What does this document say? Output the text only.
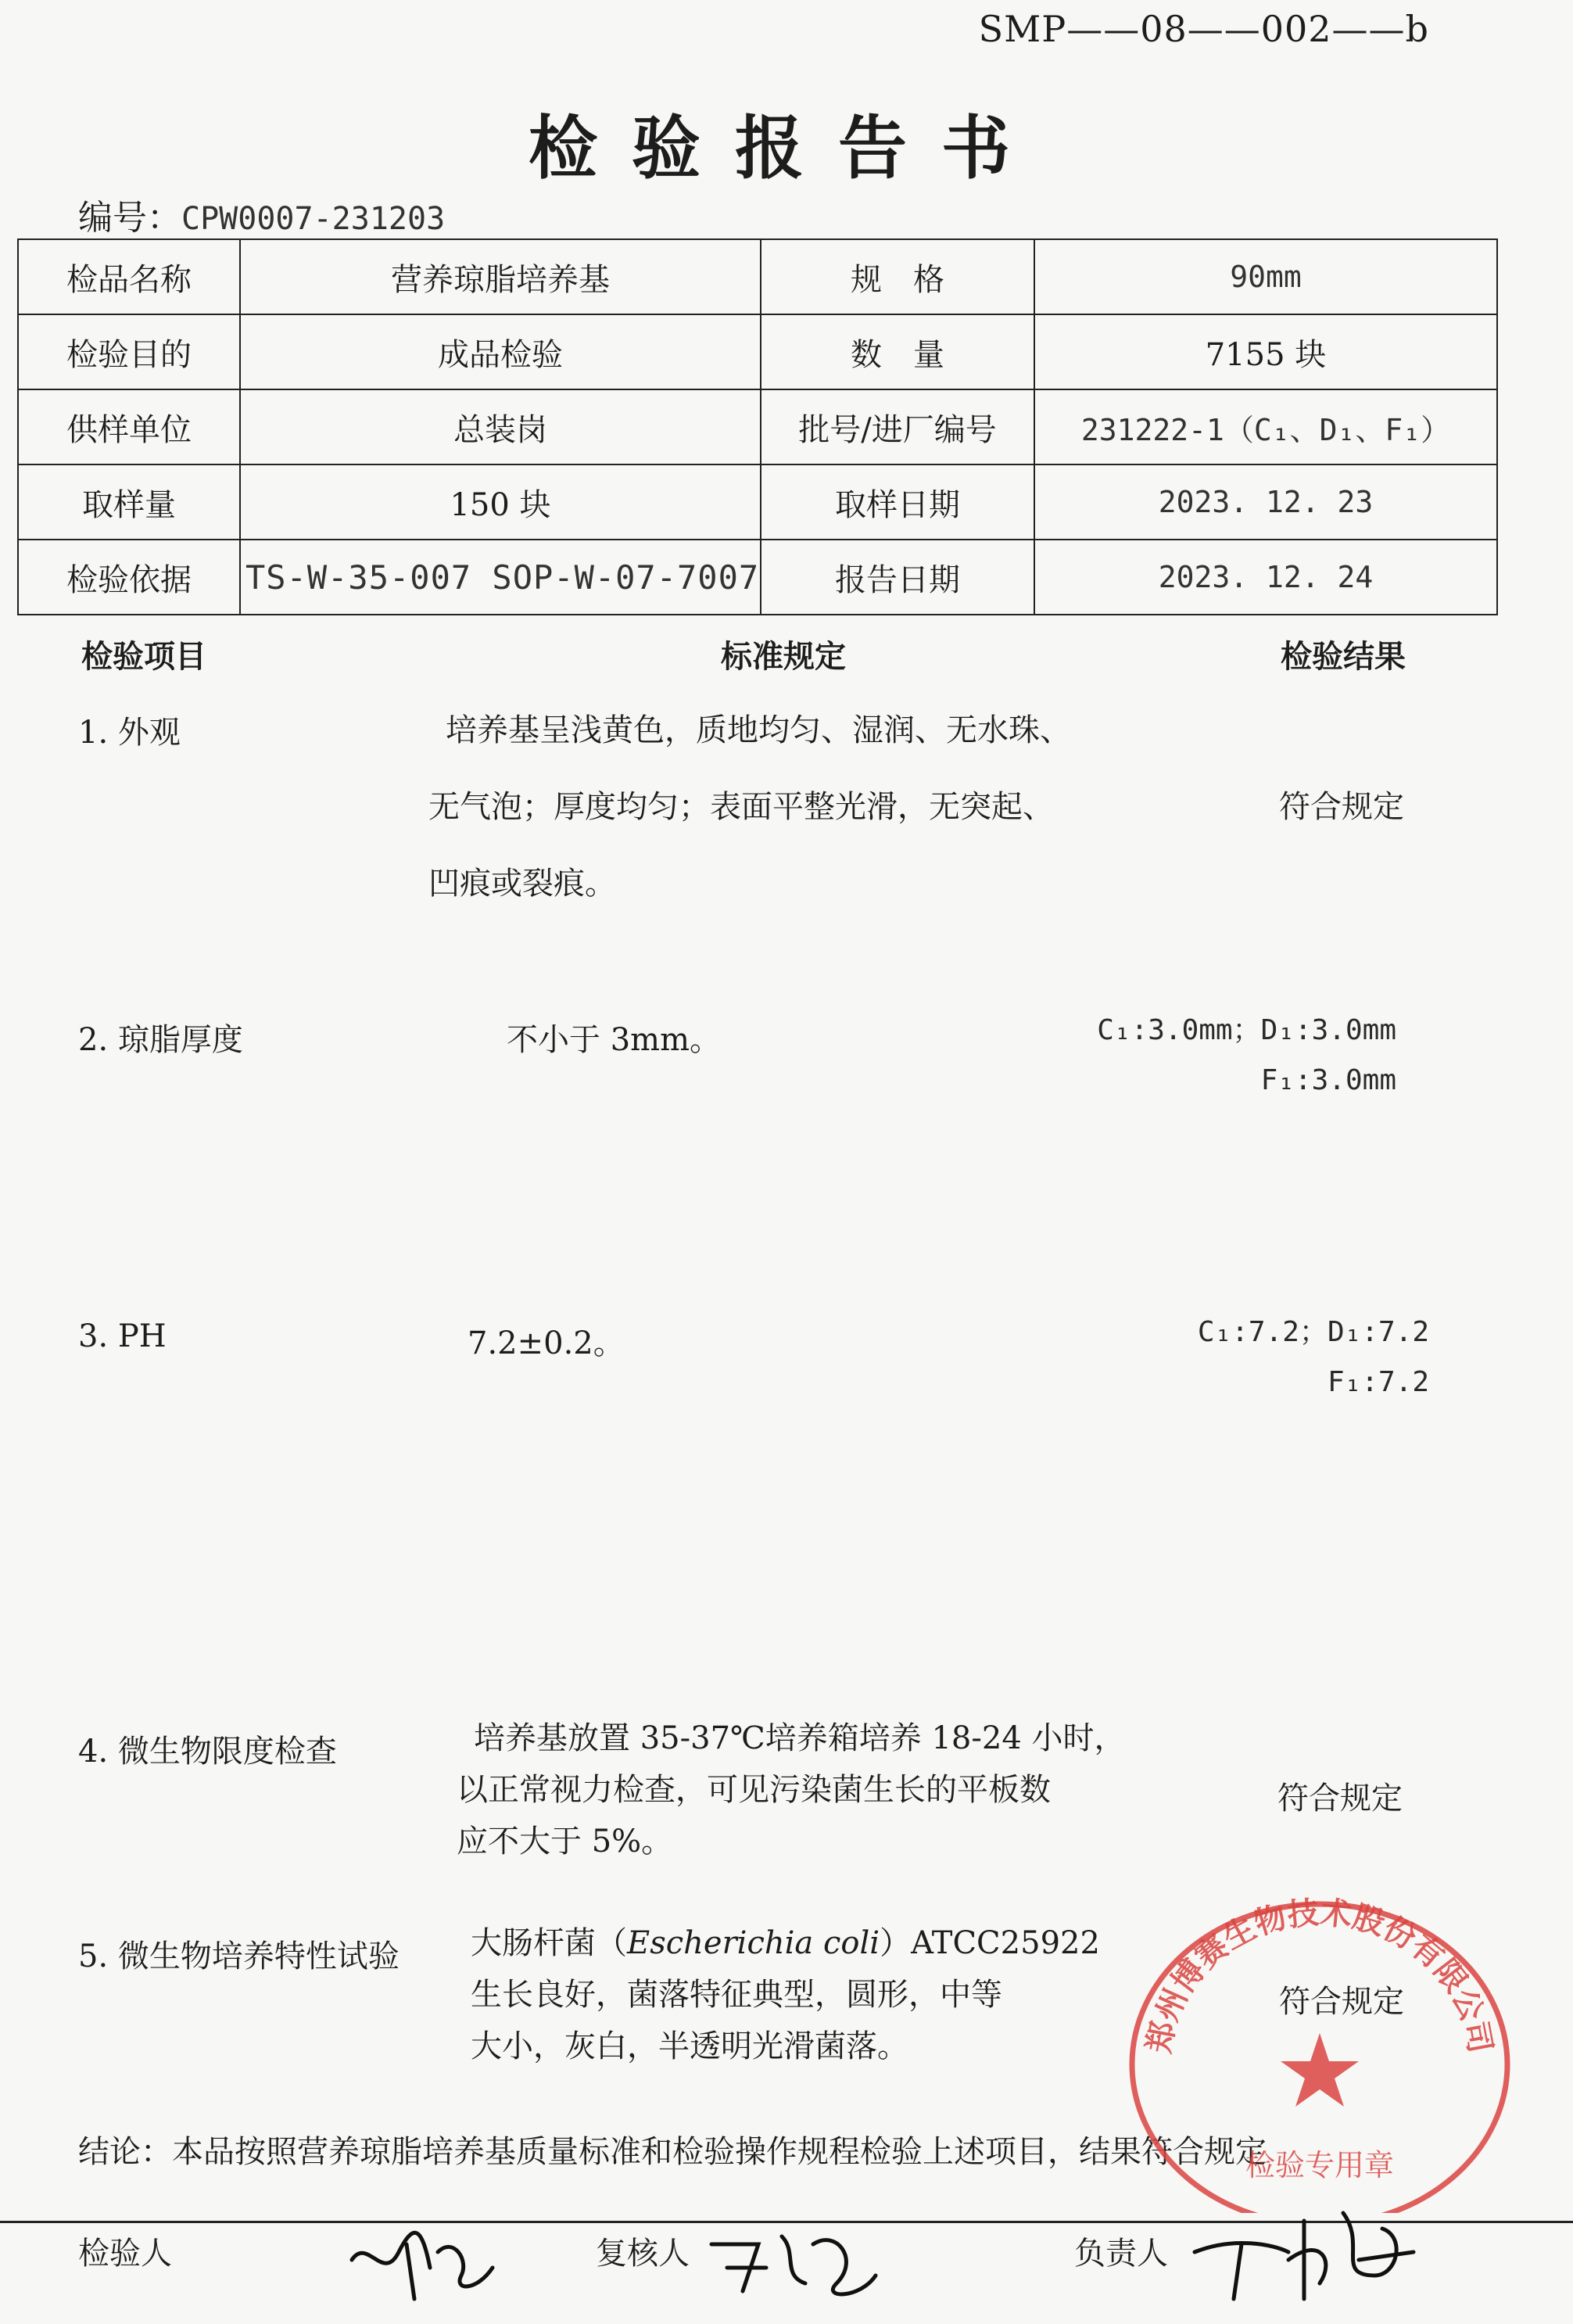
SMP——08——002——b
检验报告书
编号：CPW0007-231203
检品名称	营养琼脂培养基	规　格	90mm
检验目的	成品检验	数　量	7155 块
供样单位	总装岗	批号/进厂编号	231222-1（C₁、D₁、F₁）
取样量	150 块	取样日期	2023. 12. 23
检验依据	TS-W-35-007 SOP-W-07-7007	报告日期	2023. 12. 24
检验项目	标准规定	检验结果
1. 外观	培养基呈浅黄色，质地均匀、湿润、无水珠、
无气泡；厚度均匀；表面平整光滑，无突起、
凹痕或裂痕。
符合规定
2. 琼脂厚度	不小于 3mm。	C₁:3.0mm；D₁:3.0mm
F₁:3.0mm
3. PH	7.2±0.2。	C₁:7.2；D₁:7.2
F₁:7.2
4. 微生物限度检查	培养基放置 35-37℃培养箱培养 18-24 小时，
以正常视力检查，可见污染菌生长的平板数
应不大于 5%。
符合规定
5. 微生物培养特性试验 大肠杆菌（Escherichia coli）ATCC25922
生长良好，菌落特征典型，圆形，中等
大小，灰白，半透明光滑菌落。
符合规定
结论：本品按照营养琼脂培养基质量标准和检验操作规程检验上述项目，结果符合规定
郑州博赛生物技术股份有限公司
检验专用章
检验人	复核人	负责人
